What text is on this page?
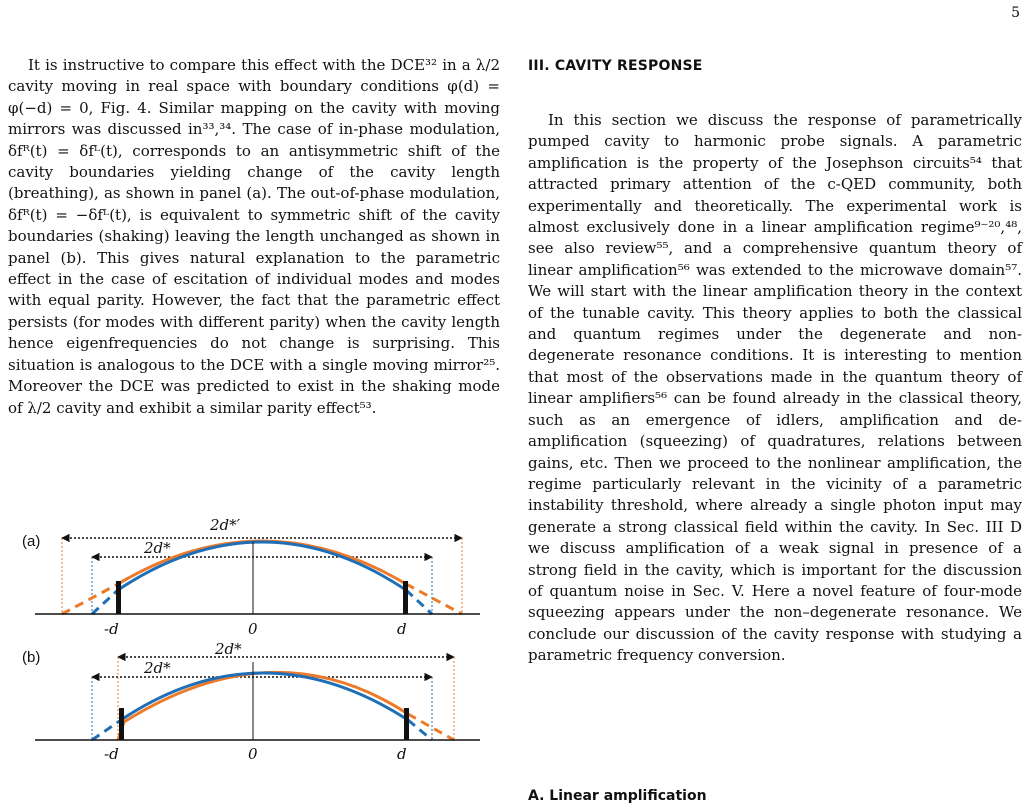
5

It is instructive to compare this effect with the DCE³² in a λ/2 cavity moving in real space with boundary conditions φ(d) = φ(−d) = 0, Fig. 4. Similar mapping on the cavity with moving mirrors was discussed in³³,³⁴. The case of in-phase modulation, δfᴿ(t) = δfᴸ(t), corresponds to an antisymmetric shift of the cavity boundaries yielding change of the cavity length (breathing), as shown in panel (a). The out-of-phase modulation, δfᴿ(t) = −δfᴸ(t), is equivalent to symmetric shift of the cavity boundaries (shaking) leaving the length unchanged as shown in panel (b). This gives natural explanation to the parametric effect in the case of escitation of individual modes and modes with equal parity. However, the fact that the parametric effect persists (for modes with different parity) when the cavity length hence eigenfrequencies do not change is surprising. This situation is analogous to the DCE with a single moving mirror²⁵. Moreover the DCE was predicted to exist in the shaking mode of λ/2 cavity and exhibit a similar parity effect⁵³.

III. CAVITY RESPONSE

In this section we discuss the response of parametrically pumped cavity to harmonic probe signals. A parametric amplification is the property of the Josephson circuits⁵⁴ that attracted primary attention of the c-QED community, both experimentally and theoretically. The experimental work is almost exclusively done in a linear amplification regime⁹⁻²⁰,⁴⁸, see also review⁵⁵, and a comprehensive quantum theory of linear amplification⁵⁶ was extended to the microwave domain⁵⁷. We will start with the linear amplification theory in the context of the tunable cavity. This theory applies to both the classical and quantum regimes under the degenerate and non-degenerate resonance conditions. It is interesting to mention that most of the observations made in the quantum theory of linear amplifiers⁵⁶ can be found already in the classical theory, such as an emergence of idlers, amplification and de-amplification (squeezing) of quadratures, relations between gains, etc. Then we proceed to the nonlinear amplification, the regime particularly relevant in the vicinity of a parametric instability threshold, where already a single photon input may generate a strong classical field within the cavity. In Sec. III D we discuss amplification of a weak signal in presence of a strong field in the cavity, which is important for the discussion of quantum noise in Sec. V. Here a novel feature of four-mode squeezing appears under the non–degenerate resonance. We conclude our discussion of the cavity response with studying a parametric frequency conversion.

A. Linear amplification
(a)
2d*′
2d*
-d	0	d
(b)	2d*
2d*
-d	0	d
